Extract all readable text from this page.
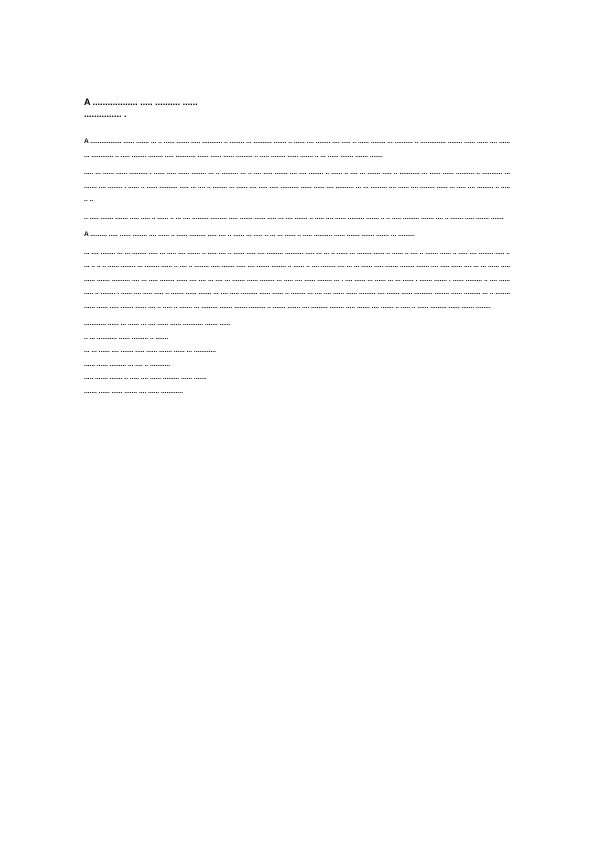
A .................. ..... .......... ......
............... .

A ................. ...... ....... ... .. ...... ....... ..... ........... .. ........ ... .......... ....... .. ...... .... ........ .... ..... .. ...... ........ ... .......... .. .............. ........ ...... ...... .... ...... ... ............ .. ..... ........ ........ ..... ........... ...... ...... ...... ......... .. ..... ........ ...... ....... .. ... ...... ....... ....... .......

..... ... ...... ...... .......... . ...... ..... ...... ........ ... .. ......... ... .. .... ..... ....... .... .... ........ .. ...... .. .... ... ....... ..... .. ........... ... ...... ...... .......... .. ........... ... ....... .... ........ . ...... .. ...... .......... ..... ... .... .. ........ ... ...... .... ..... ..... .......... ...... ...... .... .......... ... ... ......... .... ...... .... ........ ...... ... ..... .... ......... .. ..... .. ..

.. ..... ....... ....... ..... ..... .. ...... .. ... .... ......... ......... ..... ....... ...... ..... ... .... ....... .. ..... .... ...... ......... ....... .. .. ..... ......... ....... .... .. ....... ..... ....... .......

A ......... ..... ...... ........ .... ...... .. ...... ......... ..... .... .. ...... ... ..... .. ... ... ...... .. ..... .......... ...... ....... ....... ....... ... .........

... .... ........ ... ... ........ ..... ... ..... .... ....... .. ..... .... .. ...... ..... .... ......... .......... ..... ... ... .. ...... ... ........ ...... .. ...... .. .... .. ....... ...... .. ..... .... ........ ..... .. ... .. .. .. ...... ........ ... ........ ...... .. .... .. ........ ..... ....... ..... .... ....... ........ .. ...... .. .... ........ .... ... ... ...... ..... ....... ........ ....... .... ..... ...... .... ... ... ...... ..... ...... ....... .......... .... ... ..... ........ ...... .... .... ... .... ... ....... ...... ........ ... ..... .... ...... ........ ... . .... ...... ... ...... ... ... ...... . ....... ....... . ...... ......... .. .... ...... ..... .. ........ . ...... .... ..... ..... .. ....... ...... ....... ... .... ..... ......... ...... ...... .. ........ ... .... .... ...... ...... ......... .... ....... ...... .......... ........ ...... ......... ... .. ........ ...... ...... ..... ....... ...... .... .. ..... .. ....... ... ......... ....... ....... ......... .. ....... ....... .... ......... ........ ..... ....... .... ....... .. ..... .. ...... ......... ...... ....... ........

............ ...... ... ...... ... .... ...... ...... ........... ....... ......
.. ... ........... ...... ......... .. .......
... ... ...... .... ....... ..... ...... ....... ...... ... ............
...... ...... ......... ... .... .. ...........
..... ....... ....... .. ..... .... ...... ......... ...... .......
....... ...... ...... ....... .... ...... ............
